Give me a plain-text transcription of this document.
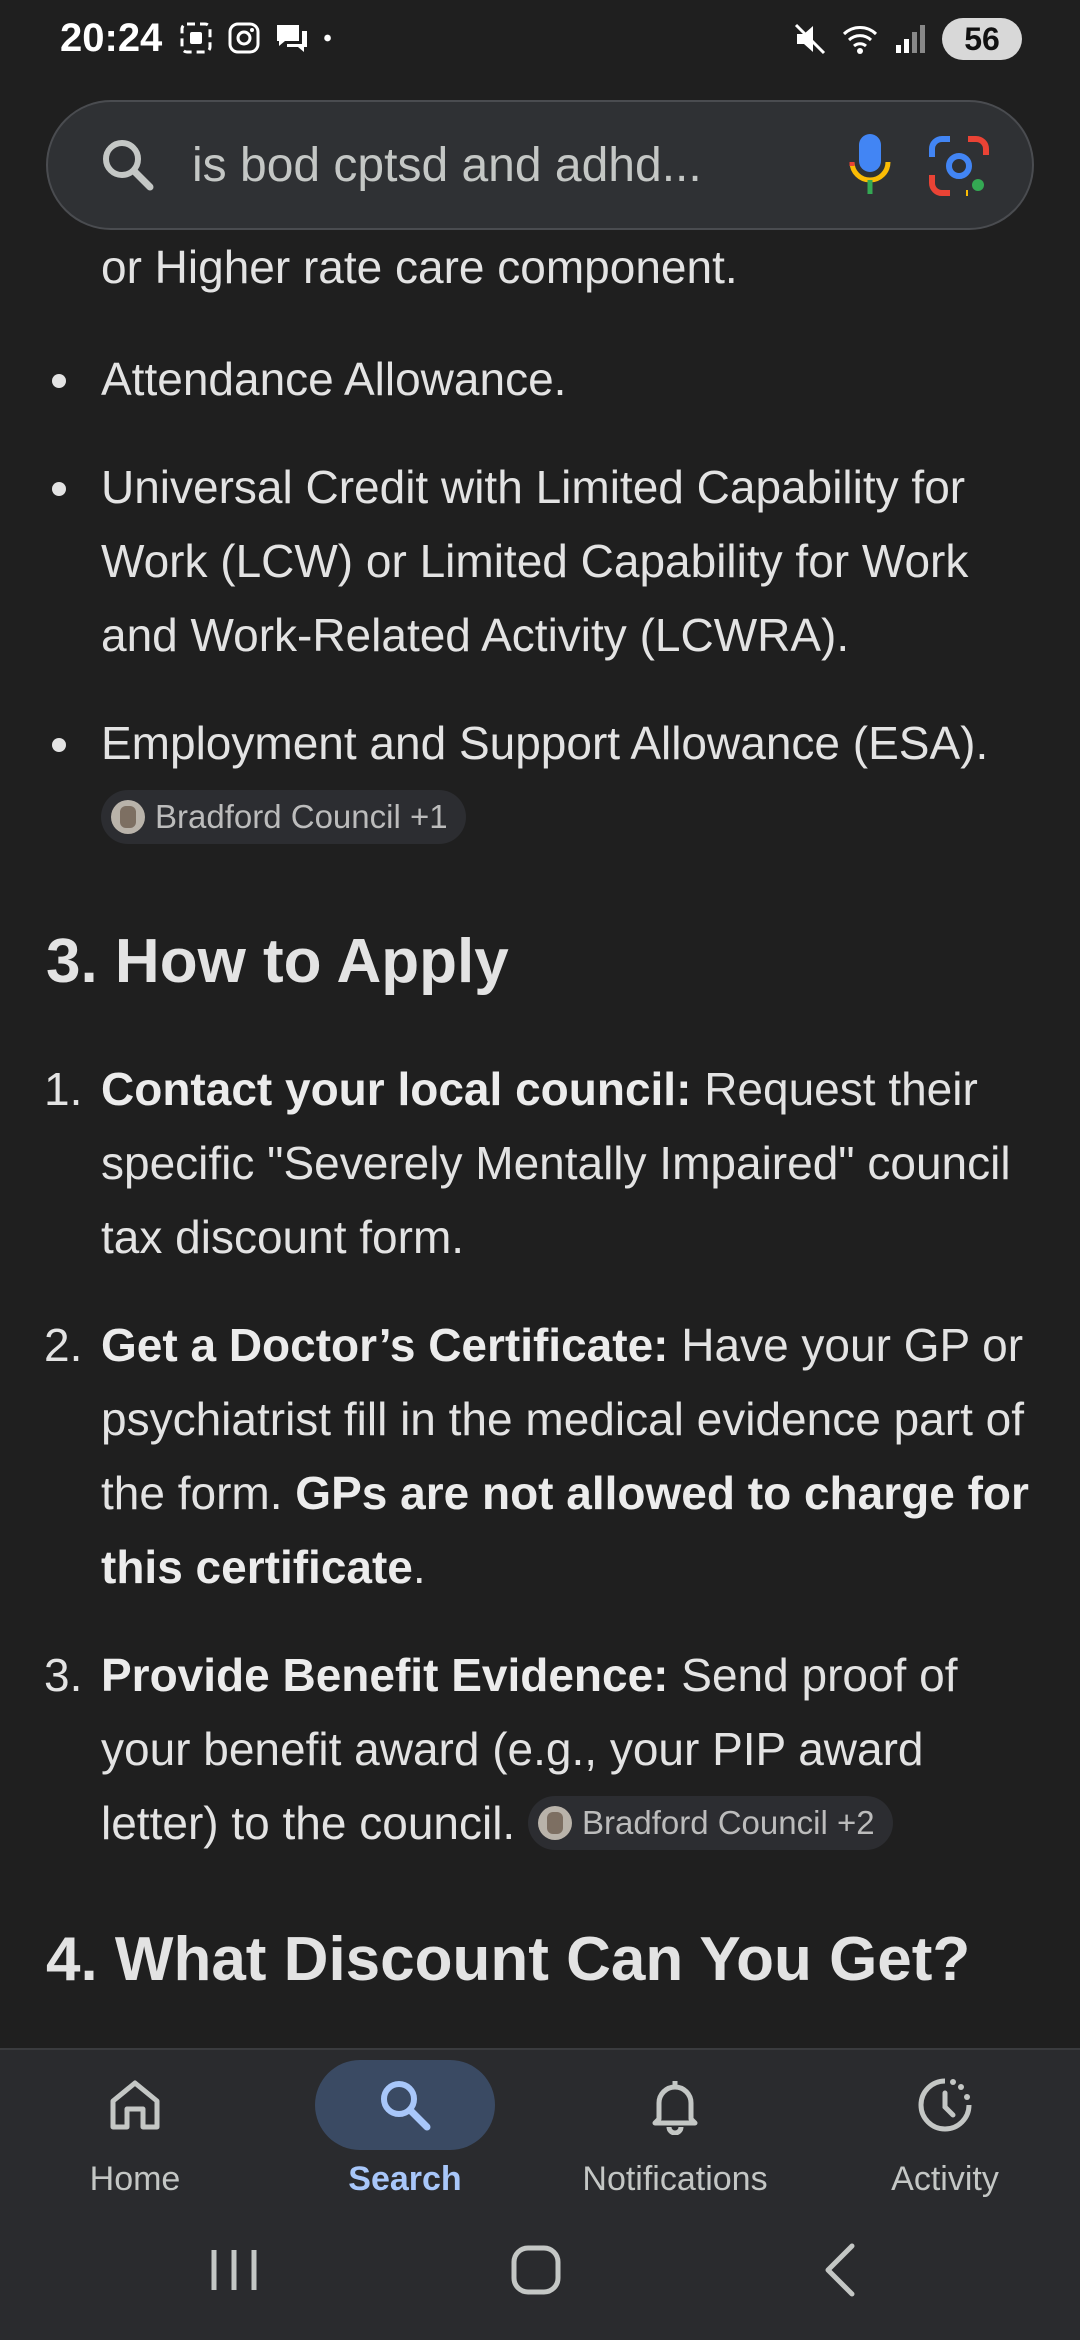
20:24	56
is bod cptsd and adhd...
or Higher rate care component.
Attendance Allowance.
Universal Credit with Limited Capability for Work (LCW) or Limited Capability for Work and Work-Related Activity (LCWRA).
Employment and Support Allowance (ESA).
Bradford Council +1
3. How to Apply
1. Contact your local council: Request their specific "Severely Mentally Impaired" council tax discount form.
2. Get a Doctor’s Certificate: Have your GP or psychiatrist fill in the medical evidence part of the form. GPs are not allowed to charge for this certificate.
3. Provide Benefit Evidence: Send proof of your benefit award (e.g., your PIP award letter) to the council. Bradford Council +2
4. What Discount Can You Get?
Home	Search	Notifications	Activity
